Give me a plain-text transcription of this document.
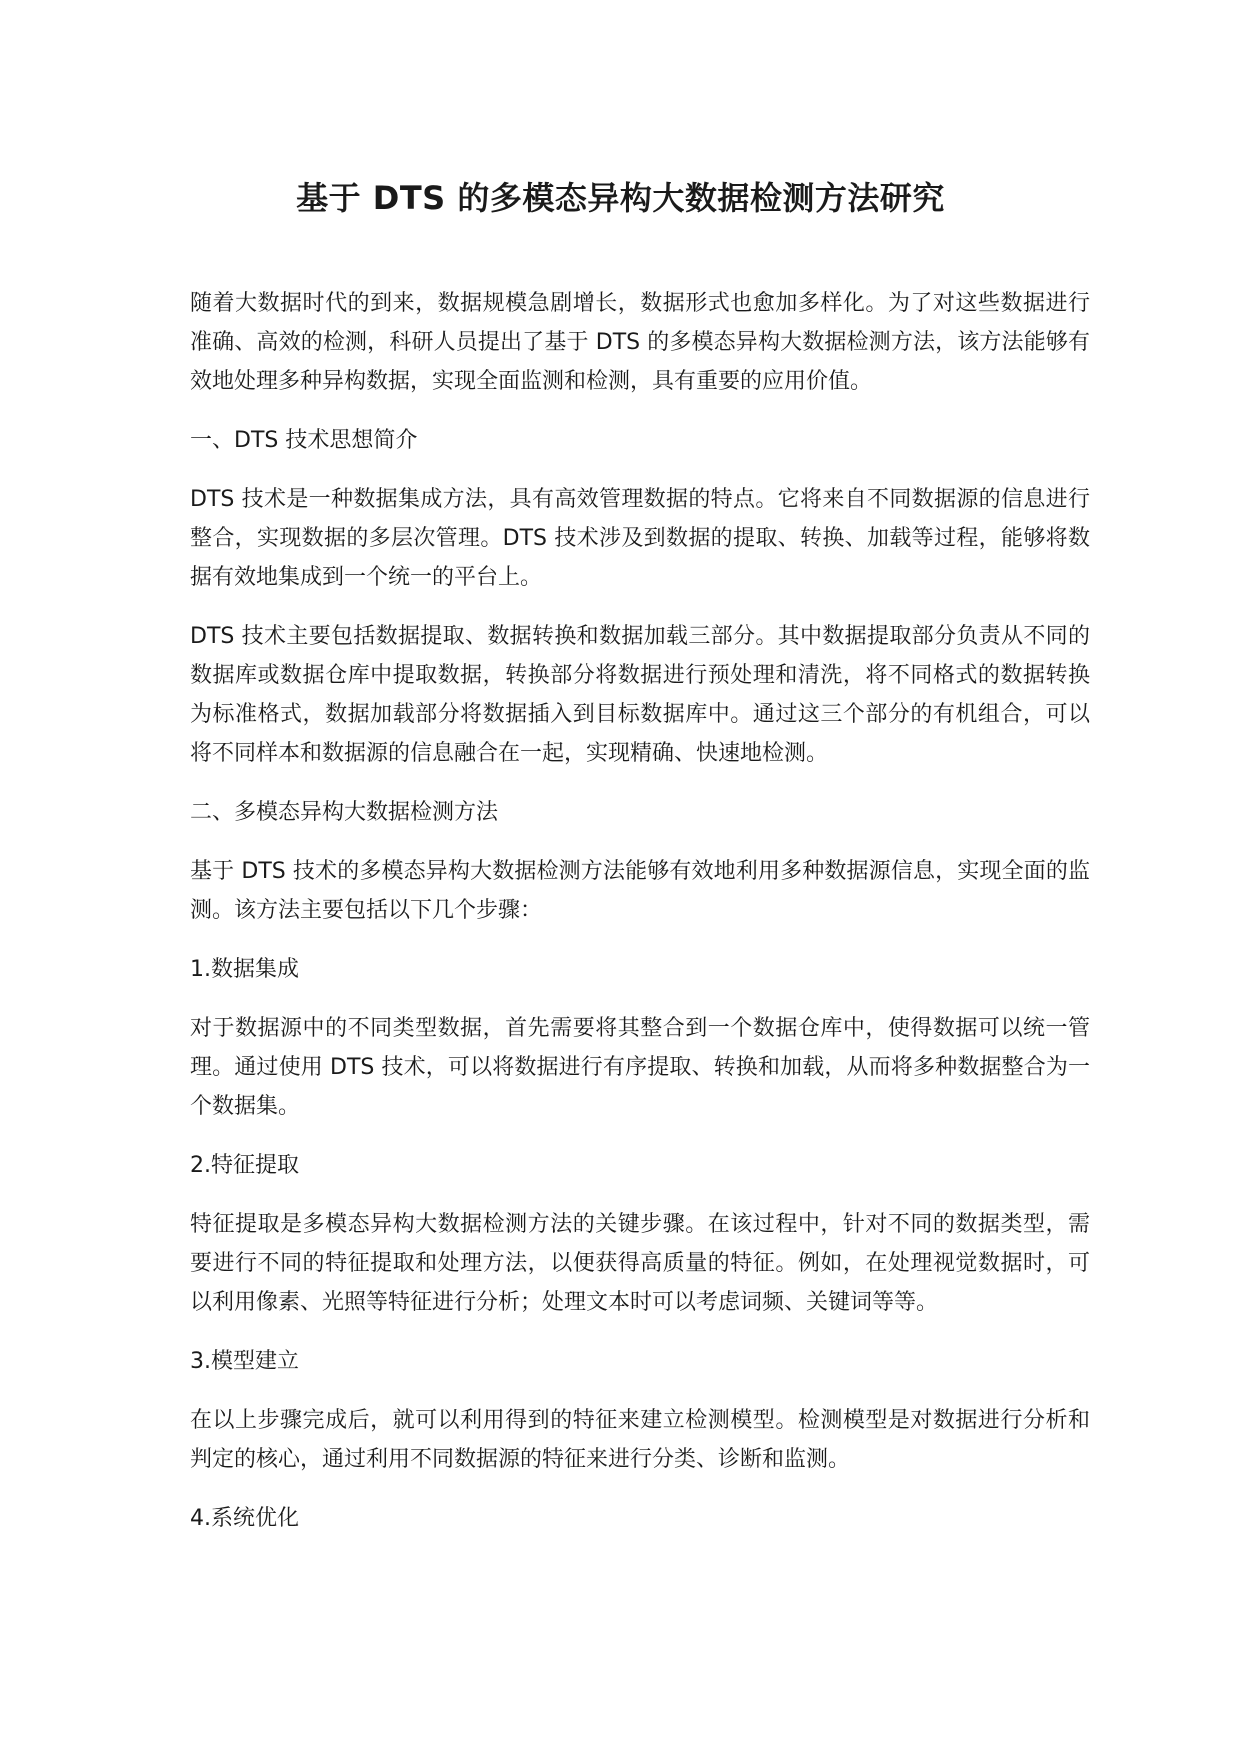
基于 DTS 的多模态异构大数据检测方法研究

随着大数据时代的到来，数据规模急剧增长，数据形式也愈加多样化。为了对这些数据进行准确、高效的检测，科研人员提出了基于 DTS 的多模态异构大数据检测方法，该方法能够有效地处理多种异构数据，实现全面监测和检测，具有重要的应用价值。

一、DTS 技术思想简介

DTS 技术是一种数据集成方法，具有高效管理数据的特点。它将来自不同数据源的信息进行整合，实现数据的多层次管理。DTS 技术涉及到数据的提取、转换、加载等过程，能够将数据有效地集成到一个统一的平台上。

DTS 技术主要包括数据提取、数据转换和数据加载三部分。其中数据提取部分负责从不同的数据库或数据仓库中提取数据，转换部分将数据进行预处理和清洗，将不同格式的数据转换为标准格式，数据加载部分将数据插入到目标数据库中。通过这三个部分的有机组合，可以将不同样本和数据源的信息融合在一起，实现精确、快速地检测。

二、多模态异构大数据检测方法

基于 DTS 技术的多模态异构大数据检测方法能够有效地利用多种数据源信息，实现全面的监测。该方法主要包括以下几个步骤：

1.数据集成

对于数据源中的不同类型数据，首先需要将其整合到一个数据仓库中，使得数据可以统一管理。通过使用 DTS 技术，可以将数据进行有序提取、转换和加载，从而将多种数据整合为一个数据集。

2.特征提取

特征提取是多模态异构大数据检测方法的关键步骤。在该过程中，针对不同的数据类型，需要进行不同的特征提取和处理方法，以便获得高质量的特征。例如，在处理视觉数据时，可以利用像素、光照等特征进行分析；处理文本时可以考虑词频、关键词等等。

3.模型建立

在以上步骤完成后，就可以利用得到的特征来建立检测模型。检测模型是对数据进行分析和判定的核心，通过利用不同数据源的特征来进行分类、诊断和监测。

4.系统优化
